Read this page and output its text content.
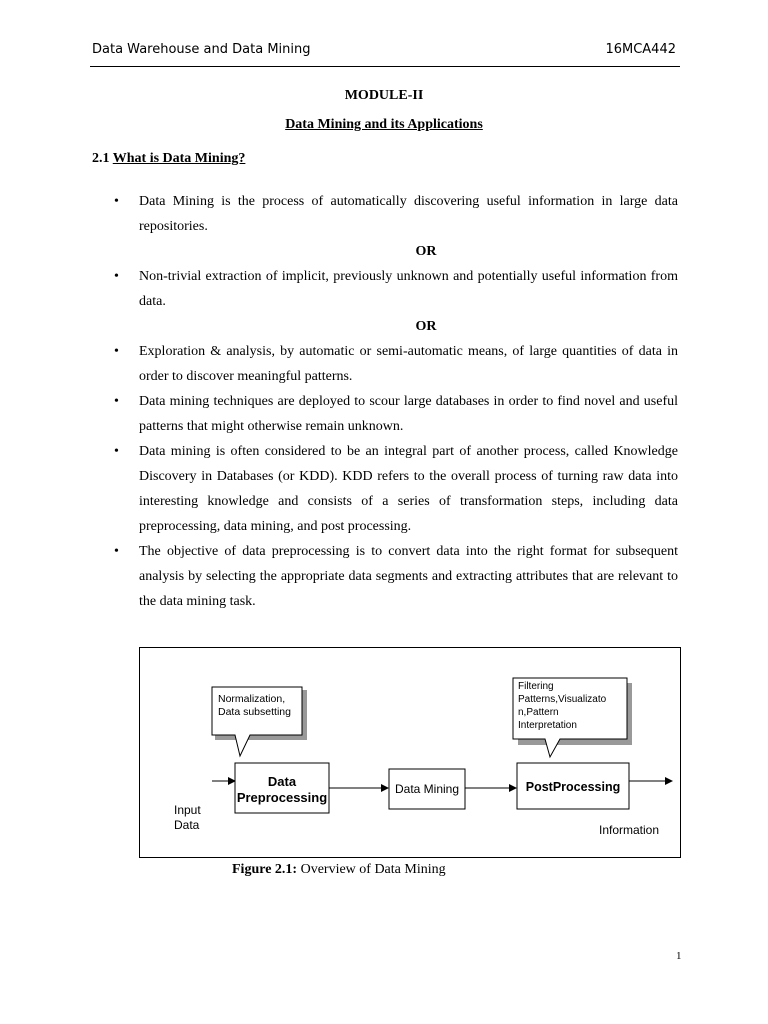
Data Warehouse and Data Mining	16MCA442
MODULE-II
Data Mining and its Applications
2.1 What is Data Mining?
• Data Mining is the process of automatically discovering useful information in large data repositories.
OR
• Non-trivial extraction of implicit, previously unknown and potentially useful information from data.
OR
• Exploration & analysis, by automatic or semi-automatic means, of large quantities of data in order to discover meaningful patterns.
• Data mining techniques are deployed to scour large databases in order to find novel and useful patterns that might otherwise remain unknown.
• Data mining is often considered to be an integral part of another process, called Knowledge Discovery in Databases (or KDD). KDD refers to the overall process of turning raw data into interesting knowledge and consists of a series of transformation steps, including data preprocessing, data mining, and post processing.
• The objective of data preprocessing is to convert data into the right format for subsequent analysis by selecting the appropriate data segments and extracting attributes that are relevant to the data mining task.
Normalization,
Data subsetting
Filtering
Patterns,Visualizato
n,Pattern
Interpretation
Data
Preprocessing
Data Mining	PostProcessing
Input
Data	Information
Figure 2.1: Overview of Data Mining
1
